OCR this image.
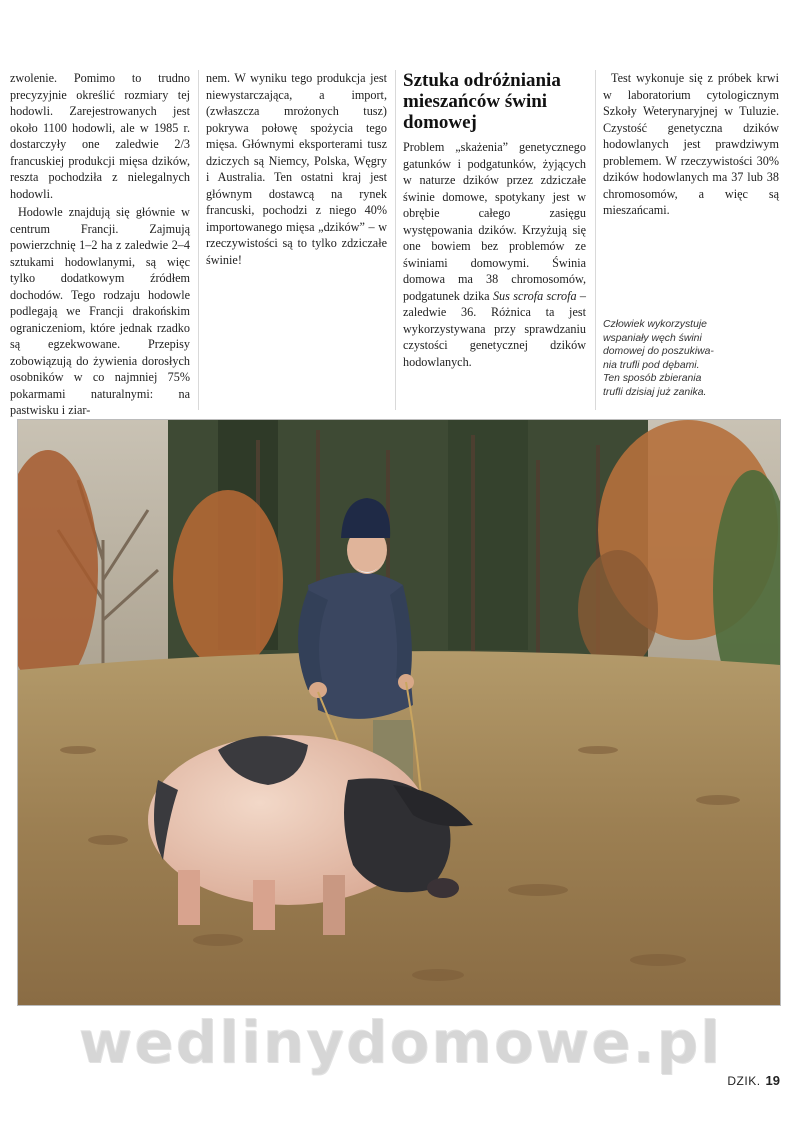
zwolenie. Pomimo to trudno precyzyjnie określić rozmiary tej hodowli. Zarejestrowanych jest około 1100 hodowli, ale w 1985 r. dostarczyły one zaledwie 2/3 francuskiej produkcji mięsa dzików, reszta pochodziła z nielegalnych hodowli.

Hodowle znajdują się głównie w centrum Francji. Zajmują powierzchnię 1–2 ha z zaledwie 2–4 sztukami hodowlanymi, są więc tylko dodatkowym źródłem dochodów. Tego rodzaju hodowle podlegają we Francji drakońskim ograniczeniom, które jednak rzadko są egzekwowane. Przepisy zobowiązują do żywienia dorosłych osobników w co najmniej 75% pokarmami naturalnymi: na pastwisku i ziar-

nem. W wyniku tego produkcja jest niewystarczająca, a import, (zwłaszcza mrożonych tusz) pokrywa połowę spożycia tego mięsa. Głównymi eksporterami tusz dziczych są Niemcy, Polska, Węgry i Australia. Ten ostatni kraj jest głównym dostawcą na rynek francuski, pochodzi z niego 40% importowanego mięsa „dzików” – w rzeczywistości są to tylko zdziczałe świnie!

Sztuka odróżniania mieszańców świni domowej

Problem „skażenia” genetycznego gatunków i podgatunków, żyjących w naturze dzików przez zdziczałe świnie domowe, spotykany jest w obrębie całego zasięgu występowania dzików. Krzyżują się one bowiem bez problemów ze świniami domowymi. Świnia domowa ma 38 chromosomów, podgatunek dzika Sus scrofa scrofa – zaledwie 36. Różnica ta jest wykorzystywana przy sprawdzaniu czystości genetycznej dzików hodowlanych.

Test wykonuje się z próbek krwi w laboratorium cytologicznym Szkoły Weterynaryjnej w Tuluzie. Czystość genetyczna dzików hodowlanych jest prawdziwym problemem. W rzeczywistości 30% dzików hodowlanych ma 37 lub 38 chromosomów, a więc są mieszańcami.

Człowiek wykorzystuje
wspaniały węch świni
domowej do poszukiwa-
nia trufli pod dębami.
Ten sposób zbierania
trufli dzisiaj już zanika.
wedlinydomowe.pl
DZIK. 19
